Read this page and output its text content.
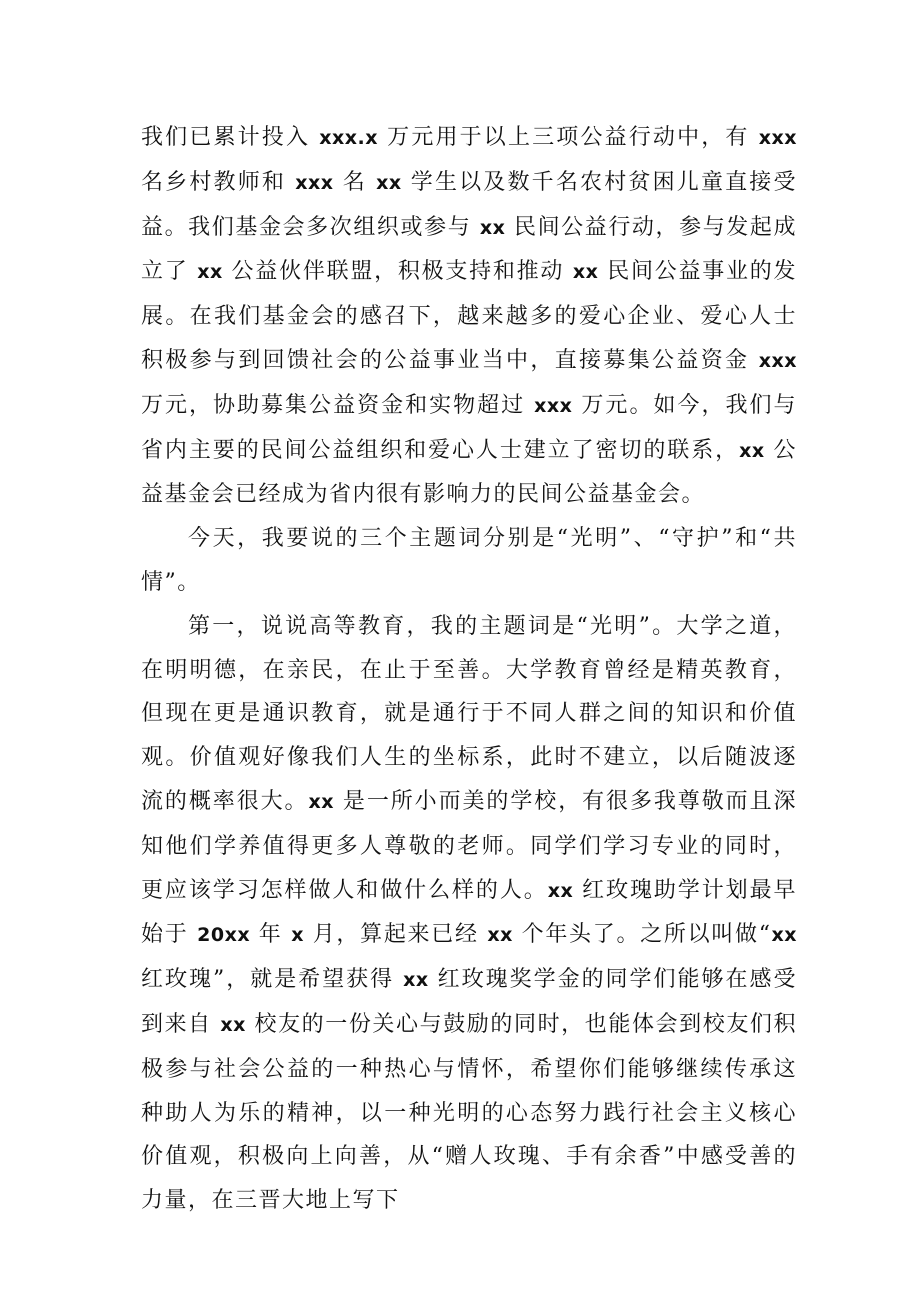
我们已累计投入 xxx.x 万元用于以上三项公益行动中，有 xxx 名乡村教师和 xxx 名 xx 学生以及数千名农村贫困儿童直接受益。我们基金会多次组织或参与 xx 民间公益行动，参与发起成立了 xx 公益伙伴联盟，积极支持和推动 xx 民间公益事业的发展。在我们基金会的感召下，越来越多的爱心企业、爱心人士积极参与到回馈社会的公益事业当中，直接募集公益资金 xxx 万元，协助募集公益资金和实物超过 xxx 万元。如今，我们与省内主要的民间公益组织和爱心人士建立了密切的联系，xx 公益基金会已经成为省内很有影响力的民间公益基金会。

今天，我要说的三个主题词分别是“光明”、“守护”和“共情”。

第一，说说高等教育，我的主题词是“光明”。大学之道，在明明德，在亲民，在止于至善。大学教育曾经是精英教育，但现在更是通识教育，就是通行于不同人群之间的知识和价值观。价值观好像我们人生的坐标系，此时不建立，以后随波逐流的概率很大。xx 是一所小而美的学校，有很多我尊敬而且深知他们学养值得更多人尊敬的老师。同学们学习专业的同时，更应该学习怎样做人和做什么样的人。xx 红玫瑰助学计划最早始于 20xx 年 x 月，算起来已经 xx 个年头了。之所以叫做“xx 红玫瑰”，就是希望获得 xx 红玫瑰奖学金的同学们能够在感受到来自 xx 校友的一份关心与鼓励的同时，也能体会到校友们积极参与社会公益的一种热心与情怀，希望你们能够继续传承这种助人为乐的精神，以一种光明的心态努力践行社会主义核心价值观，积极向上向善，从“赠人玫瑰、手有余香”中感受善的力量，在三晋大地上写下
